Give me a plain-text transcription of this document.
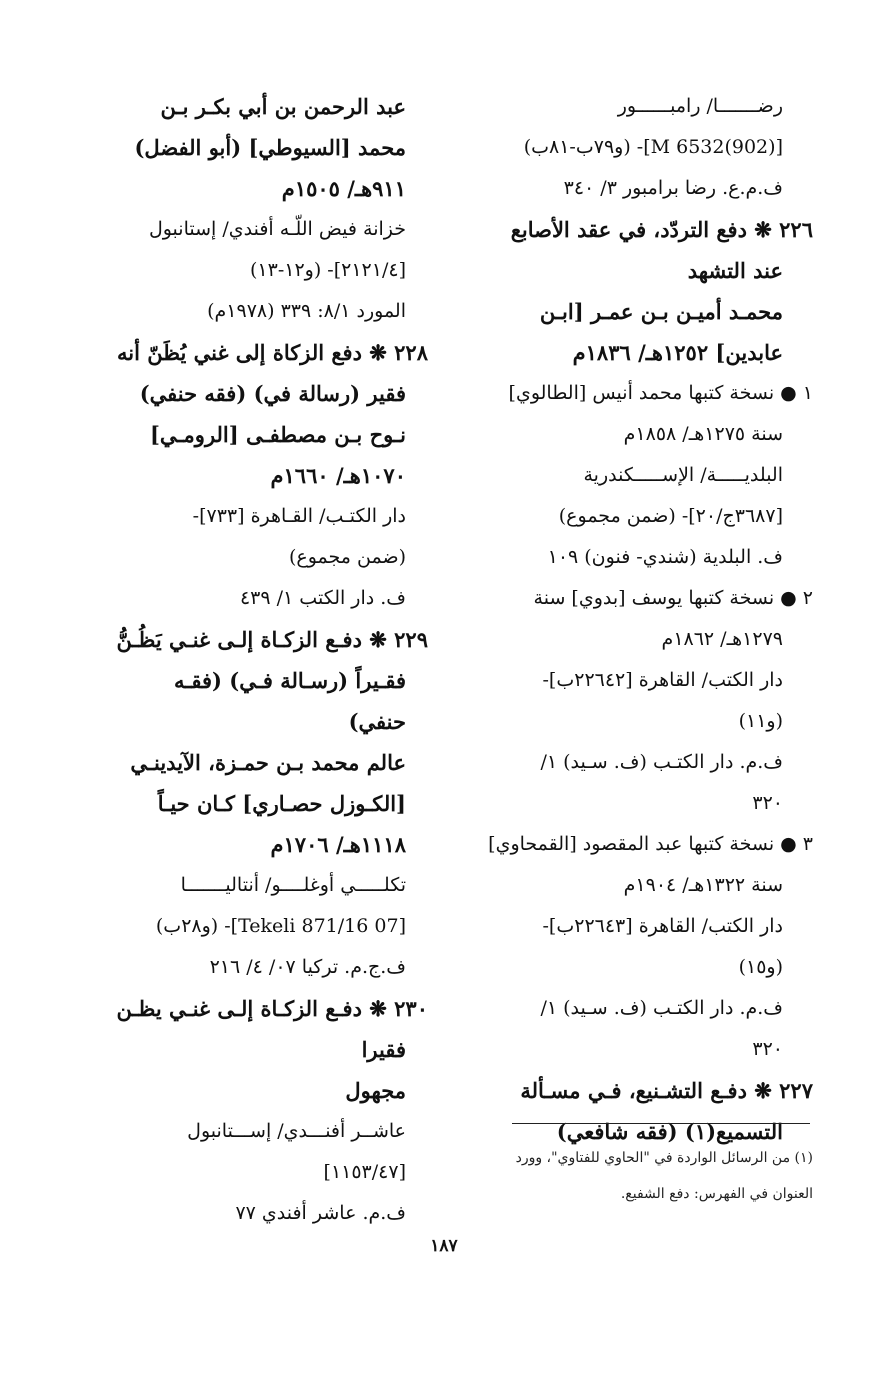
رضـــــــا/ رامبــــــور
[M 6532(902)]- (و٧٩ب-٨١ب)
ف.م.ع. رضا برامبور ٣/ ٣٤٠
٢٢٦ ❋ دفع التردّد، في عقد الأصابع
عند التشهد
محمـد أميـن بـن عمـر [ابـن
عابدين] ١٢٥٢هـ/ ١٨٣٦م
١ ● نسخة كتبها محمد أنيس [الطالوي]
سنة ١٢٧٥هـ/ ١٨٥٨م
البلديـــــة/ الإســـــكندرية
[٣٦٨٧ج/٢٠]- (ضمن مجموع)
ف. البلدية (شندي- فنون) ١٠٩
٢ ● نسخة كتبها يوسف [بدوي] سنة
١٢٧٩هـ/ ١٨٦٢م
دار الكتب/ القاهرة [٢٢٦٤٢ب]-
(و١١)
ف.م. دار الكتـب (ف. سـيد) ١/
٣٢٠
٣ ● نسخة كتبها عبد المقصود [القمحاوي]
سنة ١٣٢٢هـ/ ١٩٠٤م
دار الكتب/ القاهرة [٢٢٦٤٣ب]-
(و١٥)
ف.م. دار الكتـب (ف. سـيد) ١/
٣٢٠
٢٢٧ ❋ دفـع التشـنيع، فـي مسـألة
التسميع(١) (فقه شافعي)
عبد الرحمن بن أبي بكـر بـن
محمد [السيوطي] (أبو الفضل)
٩١١هـ/ ١٥٠٥م
خزانة فيض اللّـه أفندي/ إستانبول
[٢١٢١/٤]- (و١٢-١٣)
المورد ٨/١: ٣٣٩ (١٩٧٨م)
٢٢٨ ❋ دفع الزكاة إلى غني يُظَنّ أنه
فقير (رسالة في) (فقه حنفي)
نـوح بـن مصطفـى [الرومـي]
١٠٧٠هـ/ ١٦٦٠م
دار الكتـب/ القـاهرة [٧٣٣]-
(ضمن مجموع)
ف. دار الكتب ١/ ٤٣٩
٢٢٩ ❋ دفـع الزكـاة إلـى غنـي يَظُـنُّ
فقـيراً (رسـالة فـي) (فقـه
حنفي)
عالم محمد بـن حمـزة، الآيدينـي
[الكـوزل حصـاري] كـان حيـاً
١١١٨هـ/ ١٧٠٦م
تكلـــــي أوغلــــو/ أنتاليـــــــا
[07 Tekeli 871/16]- (و٢٨ب)
ف.ج.م. تركيا ٠٧/ ٤/ ٢١٦
٢٣٠ ❋ دفـع الزكـاة إلـى غنـي يظـن
فقيرا
مجهول
عاشــر أفنـــدي/ إســـتانبول
[١١٥٣/٤٧]
ف.م. عاشر أفندي ٧٧
(١) من الرسائل الواردة في "الحاوي للفتاوي"، وورد
العنوان في الفهرس: دفع الشفيع.
١٨٧
